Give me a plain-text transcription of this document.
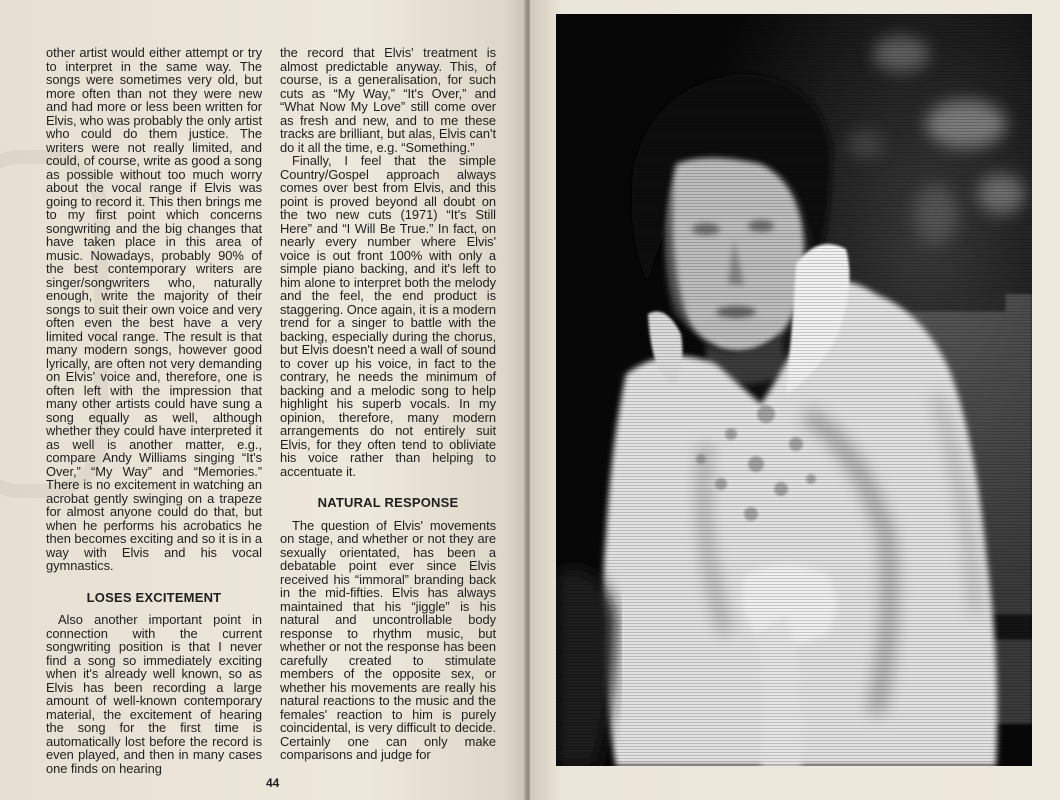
other artist would either attempt or try to interpret in the same way. The songs were sometimes very old, but more often than not they were new and had more or less been written for Elvis, who was probably the only artist who could do them justice. The writers were not really limited, and could, of course, write as good a song as possible without too much worry about the vocal range if Elvis was going to record it. This then brings me to my first point which concerns songwriting and the big changes that have taken place in this area of music. Nowadays, probably 90% of the best contemporary writers are singer/songwriters who, naturally enough, write the majority of their songs to suit their own voice and very often even the best have a very limited vocal range. The result is that many modern songs, however good lyrically, are often not very demanding on Elvis' voice and, therefore, one is often left with the impression that many other artists could have sung a song equally as well, although whether they could have interpreted it as well is another matter, e.g., compare Andy Williams singing “It's Over,” “My Way” and “Memories.” There is no excitement in watching an acrobat gently swinging on a trapeze for almost anyone could do that, but when he performs his acrobatics he then becomes exciting and so it is in a way with Elvis and his vocal gymnastics.

LOSES EXCITEMENT

Also another important point in connection with the current songwriting position is that I never find a song so immediately exciting when it's already well known, so as Elvis has been recording a large amount of well-known contemporary material, the excitement of hearing the song for the first time is automatically lost before the record is even played, and then in many cases one finds on hearing

the record that Elvis' treatment is almost predictable anyway. This, of course, is a generalisation, for such cuts as “My Way,” “It's Over,” and “What Now My Love” still come over as fresh and new, and to me these tracks are brilliant, but alas, Elvis can't do it all the time, e.g. “Something.”

Finally, I feel that the simple Country/Gospel approach always comes over best from Elvis, and this point is proved beyond all doubt on the two new cuts (1971) “It's Still Here” and “I Will Be True.” In fact, on nearly every number where Elvis' voice is out front 100% with only a simple piano backing, and it's left to him alone to interpret both the melody and the feel, the end product is staggering. Once again, it is a modern trend for a singer to battle with the backing, especially during the chorus, but Elvis doesn't need a wall of sound to cover up his voice, in fact to the contrary, he needs the minimum of backing and a melodic song to help highlight his superb vocals. In my opinion, therefore, many modern arrangements do not entirely suit Elvis, for they often tend to obliviate his voice rather than helping to accentuate it.

NATURAL RESPONSE

The question of Elvis' movements on stage, and whether or not they are sexually orientated, has been a debatable point ever since Elvis received his “immoral” branding back in the mid-fifties. Elvis has always maintained that his “jiggle” is his natural and uncontrollable body response to rhythm music, but whether or not the response has been carefully created to stimulate members of the opposite sex, or whether his movements are really his natural reactions to the music and the females' reaction to him is purely coincidental, is very difficult to decide. Certainly one can only make comparisons and judge for

44
